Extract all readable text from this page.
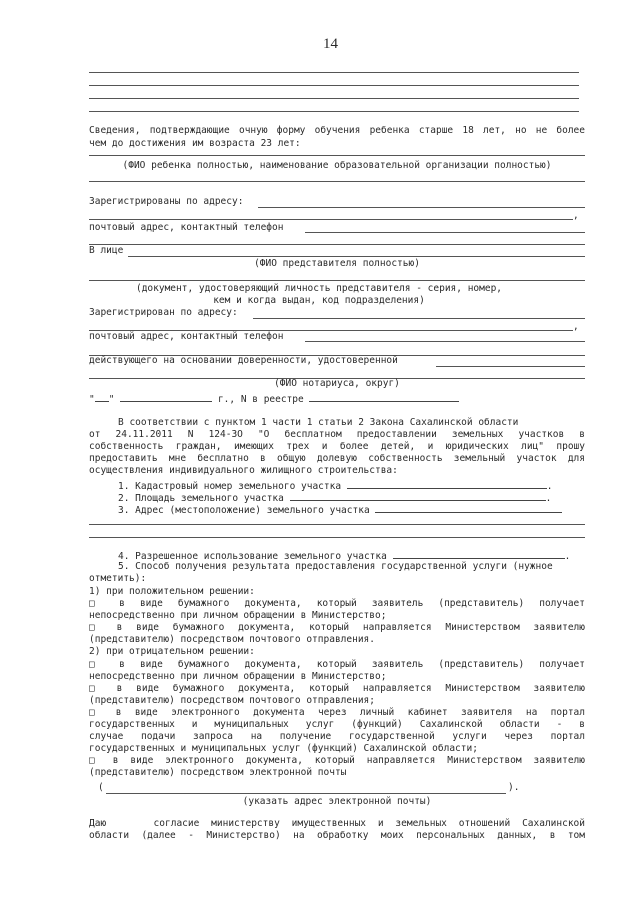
14
Сведения, подтверждающие очную форму обучения ребенка старше 18 лет, но не более
чем до достижения им возраста 23 лет:
(ФИО ребенка полностью, наименование образовательной организации полностью)
Зарегистрированы по адресу:
,
почтовый адрес, контактный телефон
В лице
(ФИО представителя полностью)
(документ, удостоверяющий личность представителя - серия, номер,
кем и когда выдан, код подразделения)
Зарегистрирован по адресу:
,
почтовый адрес, контактный телефон
действующего на основании доверенности, удостоверенной
(ФИО нотариуса, округ)
" "	г., N в реестре
В соответствии с пунктом 1 части 1 статьи 2 Закона Сахалинской области
от 24.11.2011 N 124-ЗО "О бесплатном предоставлении земельных участков в
собственность граждан, имеющих трех и более детей, и юридических лиц" прошу
предоставить мне бесплатно в общую долевую собственность земельный участок для
осуществления индивидуального жилищного строительства:
1. Кадастровый номер земельного участка	.
2. Площадь земельного участка	.
3. Адрес (местоположение) земельного участка
4. Разрешенное использование земельного участка	.
5. Способ получения результата предоставления государственной услуги (нужное
отметить):
1) при положительном решении:
□ в виде бумажного документа, который заявитель (представитель) получает
непосредственно при личном обращении в Министерство;
□ в виде бумажного документа, который направляется Министерством заявителю
(представителю) посредством почтового отправления.
2) при отрицательном решении:
□ в виде бумажного документа, который заявитель (представитель) получает
непосредственно при личном обращении в Министерство;
□ в виде бумажного документа, который направляется Министерством заявителю
(представителю) посредством почтового отправления;
□ в виде электронного документа через личный кабинет заявителя на портал
государственных и муниципальных услуг (функций) Сахалинской области - в
случае подачи запроса на получение государственной услуги через портал
государственных и муниципальных услуг (функций) Сахалинской области;
□ в виде электронного документа, который направляется Министерством заявителю
(представителю) посредством электронной почты
(	).
(указать адрес электронной почты)
Даю    согласие министерству имущественных и земельных отношений Сахалинской
области (далее - Министерство) на обработку моих персональных данных, в том
